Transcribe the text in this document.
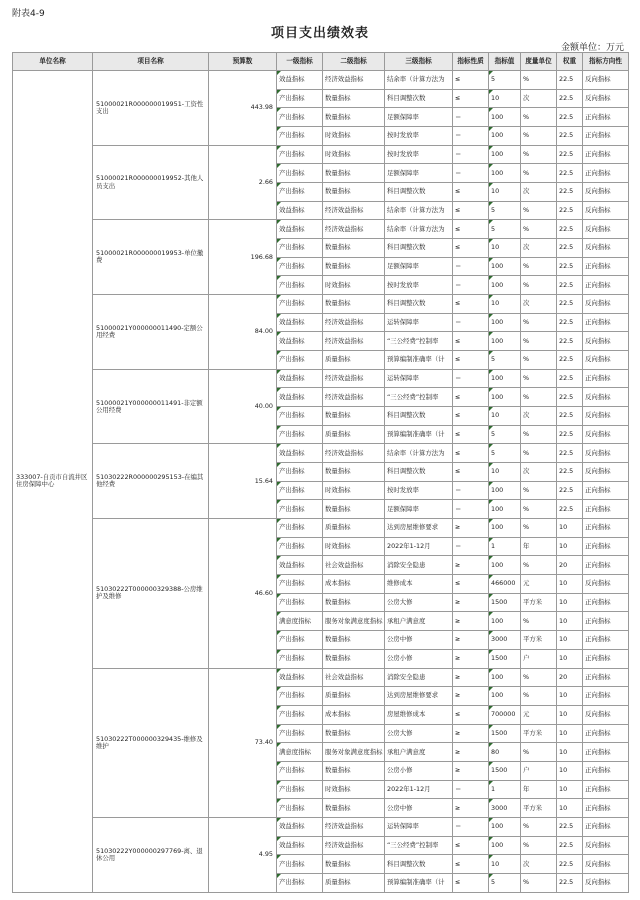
附表4-9
项目支出绩效表
金额单位：万元
单位名称	项目名称	预算数	一级指标	二级指标	三级指标	指标性质	指标值	度量单位	权重	指标方向性
333007-自贡市自流井区住房保障中心	51000021R000000019951-工资性支出	443.98	效益指标	经济效益指标	结余率（计算方法为	≤	5	%	22.5	反向指标
			产出指标	数量指标	科目调整次数	≤	10	次	22.5	反向指标
			产出指标	数量指标	足额保障率	＝	100	%	22.5	正向指标
			产出指标	时效指标	按时发放率	＝	100	%	22.5	正向指标
	51000021R000000019952-其他人员支出	2.66	产出指标	时效指标	按时发放率	＝	100	%	22.5	正向指标
			产出指标	数量指标	足额保障率	＝	100	%	22.5	正向指标
			产出指标	数量指标	科目调整次数	≤	10	次	22.5	反向指标
			效益指标	经济效益指标	结余率（计算方法为	≤	5	%	22.5	反向指标
	51000021R000000019953-单位撤费	196.68	效益指标	经济效益指标	结余率（计算方法为	≤	5	%	22.5	反向指标
			产出指标	数量指标	科目调整次数	≤	10	次	22.5	反向指标
			产出指标	数量指标	足额保障率	＝	100	%	22.5	正向指标
			产出指标	时效指标	按时发放率	＝	100	%	22.5	正向指标
	51000021Y000000011490-定额公用经费	84.00	产出指标	数量指标	科目调整次数	≤	10	次	22.5	反向指标
			效益指标	经济效益指标	运转保障率	＝	100	%	22.5	正向指标
			效益指标	经济效益指标	“三公经费”控制率	≤	100	%	22.5	反向指标
			产出指标	质量指标	预算编制准确率（计	≤	5	%	22.5	反向指标
	51000021Y000000011491-非定额公用经费	40.00	效益指标	经济效益指标	运转保障率	＝	100	%	22.5	正向指标
			效益指标	经济效益指标	“三公经费”控制率	≤	100	%	22.5	反向指标
			产出指标	数量指标	科目调整次数	≤	10	次	22.5	反向指标
			产出指标	质量指标	预算编制准确率（计	≤	5	%	22.5	反向指标
	51030222R000000295153-在编其他经费	15.64	效益指标	经济效益指标	结余率（计算方法为	≤	5	%	22.5	反向指标
			产出指标	数量指标	科目调整次数	≤	10	次	22.5	反向指标
			产出指标	时效指标	按时发放率	＝	100	%	22.5	正向指标
			产出指标	数量指标	足额保障率	＝	100	%	22.5	正向指标
	51030222T000000329388-公房维护及维修	46.60	产出指标	质量指标	达到房屋维修要求	≥	100	%	10	正向指标
			产出指标	时效指标	2022年1-12月	＝	1	年	10	正向指标
			效益指标	社会效益指标	消除安全隐患	≥	100	%	20	正向指标
			产出指标	成本指标	维修成本	≤	466000	元	10	反向指标
			产出指标	数量指标	公房大修	≥	1500	平方米	10	正向指标
			满意度指标	服务对象满意度指标	承租户满意度	≥	100	%	10	正向指标
			产出指标	数量指标	公房中修	≥	3000	平方米	10	正向指标
			产出指标	数量指标	公房小修	≥	1500	户	10	正向指标
	51030222T000000329435-维修及维护	73.40	效益指标	社会效益指标	消除安全隐患	≥	100	%	20	正向指标
			产出指标	质量指标	达到房屋维修要求	≥	100	%	10	正向指标
			产出指标	成本指标	房屋维修成本	≤	700000	元	10	反向指标
			产出指标	数量指标	公房大修	≥	1500	平方米	10	正向指标
			满意度指标	服务对象满意度指标	承租户满意度	≥	80	%	10	正向指标
			产出指标	数量指标	公房小修	≥	1500	户	10	正向指标
			产出指标	时效指标	2022年1-12月	＝	1	年	10	正向指标
			产出指标	数量指标	公房中修	≥	3000	平方米	10	正向指标
	51030222Y000000297769-离、退休公用	4.95	效益指标	经济效益指标	运转保障率	＝	100	%	22.5	正向指标
			效益指标	经济效益指标	“三公经费”控制率	≤	100	%	22.5	反向指标
			产出指标	数量指标	科目调整次数	≤	10	次	22.5	反向指标
			产出指标	质量指标	预算编制准确率（计	≤	5	%	22.5	反向指标
